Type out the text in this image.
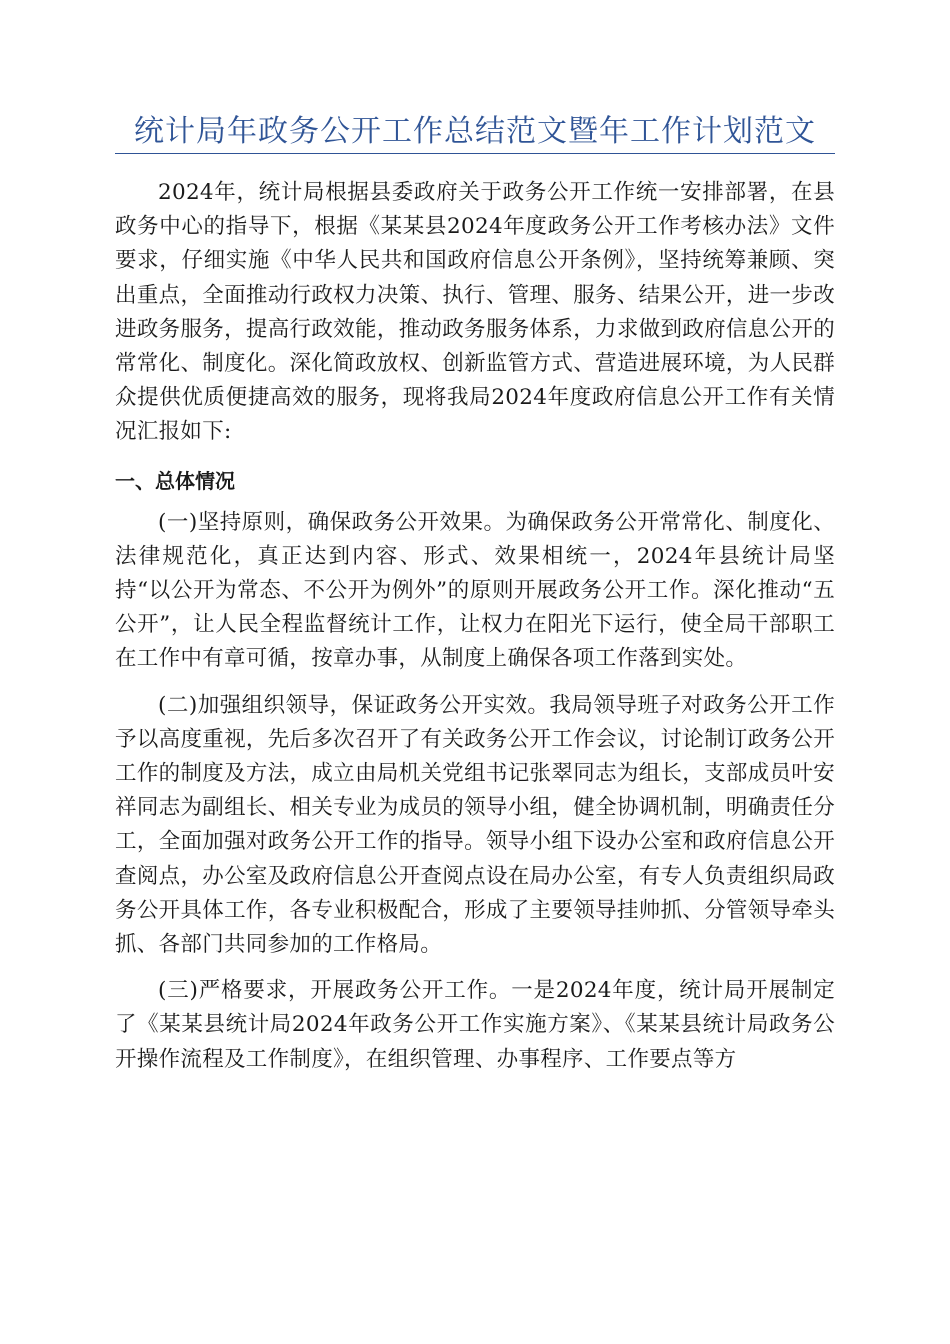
统计局年政务公开工作总结范文暨年工作计划范文

2024年，统计局根据县委政府关于政务公开工作统一安排部署，在县政务中心的指导下，根据《某某县2024年度政务公开工作考核办法》文件要求，仔细实施《中华人民共和国政府信息公开条例》，坚持统筹兼顾、突出重点，全面推动行政权力决策、执行、管理、服务、结果公开，进一步改进政务服务，提高行政效能，推动政务服务体系，力求做到政府信息公开的常常化、制度化。深化简政放权、创新监管方式、营造进展环境，为人民群众提供优质便捷高效的服务，现将我局2024年度政府信息公开工作有关情况汇报如下:

一、总体情况

(一)坚持原则，确保政务公开效果。为确保政务公开常常化、制度化、法律规范化，真正达到内容、形式、效果相统一，2024年县统计局坚持“以公开为常态、不公开为例外”的原则开展政务公开工作。深化推动“五公开”，让人民全程监督统计工作，让权力在阳光下运行，使全局干部职工在工作中有章可循，按章办事，从制度上确保各项工作落到实处。

(二)加强组织领导，保证政务公开实效。我局领导班子对政务公开工作予以高度重视，先后多次召开了有关政务公开工作会议，讨论制订政务公开工作的制度及方法，成立由局机关党组书记张翠同志为组长，支部成员叶安祥同志为副组长、相关专业为成员的领导小组，健全协调机制，明确责任分工，全面加强对政务公开工作的指导。领导小组下设办公室和政府信息公开查阅点，办公室及政府信息公开查阅点设在局办公室，有专人负责组织局政务公开具体工作，各专业积极配合，形成了主要领导挂帅抓、分管领导牵头抓、各部门共同参加的工作格局。

(三)严格要求，开展政务公开工作。一是2024年度，统计局开展制定了《某某县统计局2024年政务公开工作实施方案》、《某某县统计局政务公开操作流程及工作制度》，在组织管理、办事程序、工作要点等方
